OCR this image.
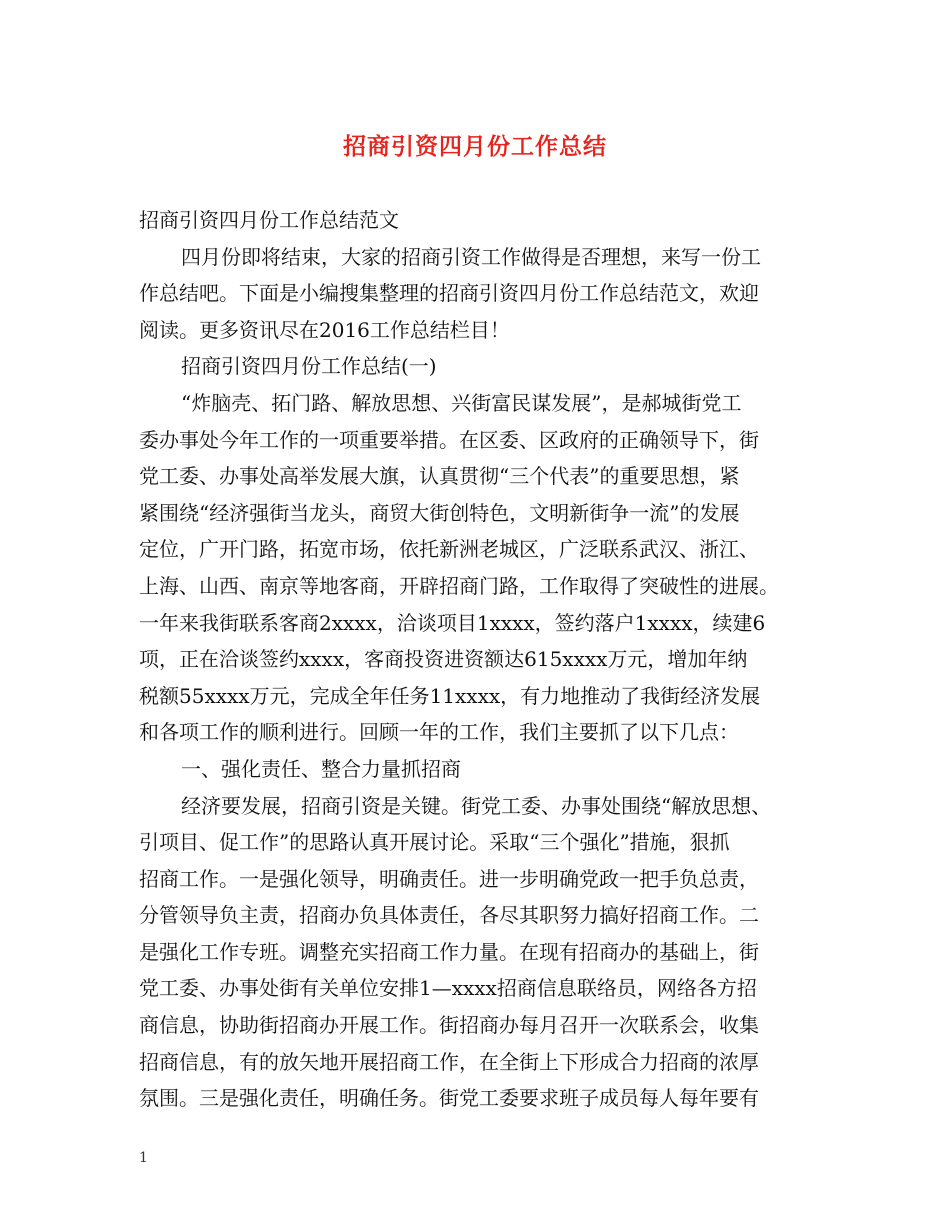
招商引资四月份工作总结
招商引资四月份工作总结范文
四月份即将结束，大家的招商引资工作做得是否理想，来写一份工
作总结吧。下面是小编搜集整理的招商引资四月份工作总结范文，欢迎
阅读。更多资讯尽在2016工作总结栏目！
招商引资四月份工作总结(一)
“炸脑壳、拓门路、解放思想、兴街富民谋发展”，是郝城街党工
委办事处今年工作的一项重要举措。在区委、区政府的正确领导下，街
党工委、办事处高举发展大旗，认真贯彻“三个代表”的重要思想，紧
紧围绕“经济强街当龙头，商贸大街创特色，文明新街争一流”的发展
定位，广开门路，拓宽市场，依托新洲老城区，广泛联系武汉、浙江、
上海、山西、南京等地客商，开辟招商门路，工作取得了突破性的进展。
一年来我街联系客商2xxxx，洽谈项目1xxxx，签约落户1xxxx，续建6
项，正在洽谈签约xxxx，客商投资进资额达615xxxx万元，增加年纳
税额55xxxx万元，完成全年任务11xxxx，有力地推动了我街经济发展
和各项工作的顺利进行。回顾一年的工作，我们主要抓了以下几点：
一、强化责任、整合力量抓招商
经济要发展，招商引资是关键。街党工委、办事处围绕“解放思想、
引项目、促工作”的思路认真开展讨论。采取“三个强化”措施，狠抓
招商工作。一是强化领导，明确责任。进一步明确党政一把手负总责，
分管领导负主责，招商办负具体责任，各尽其职努力搞好招商工作。二
是强化工作专班。调整充实招商工作力量。在现有招商办的基础上，街
党工委、办事处街有关单位安排1—xxxx招商信息联络员，网络各方招
商信息，协助街招商办开展工作。街招商办每月召开一次联系会，收集
招商信息，有的放矢地开展招商工作，在全街上下形成合力招商的浓厚
氛围。三是强化责任，明确任务。街党工委要求班子成员每人每年要有
1
